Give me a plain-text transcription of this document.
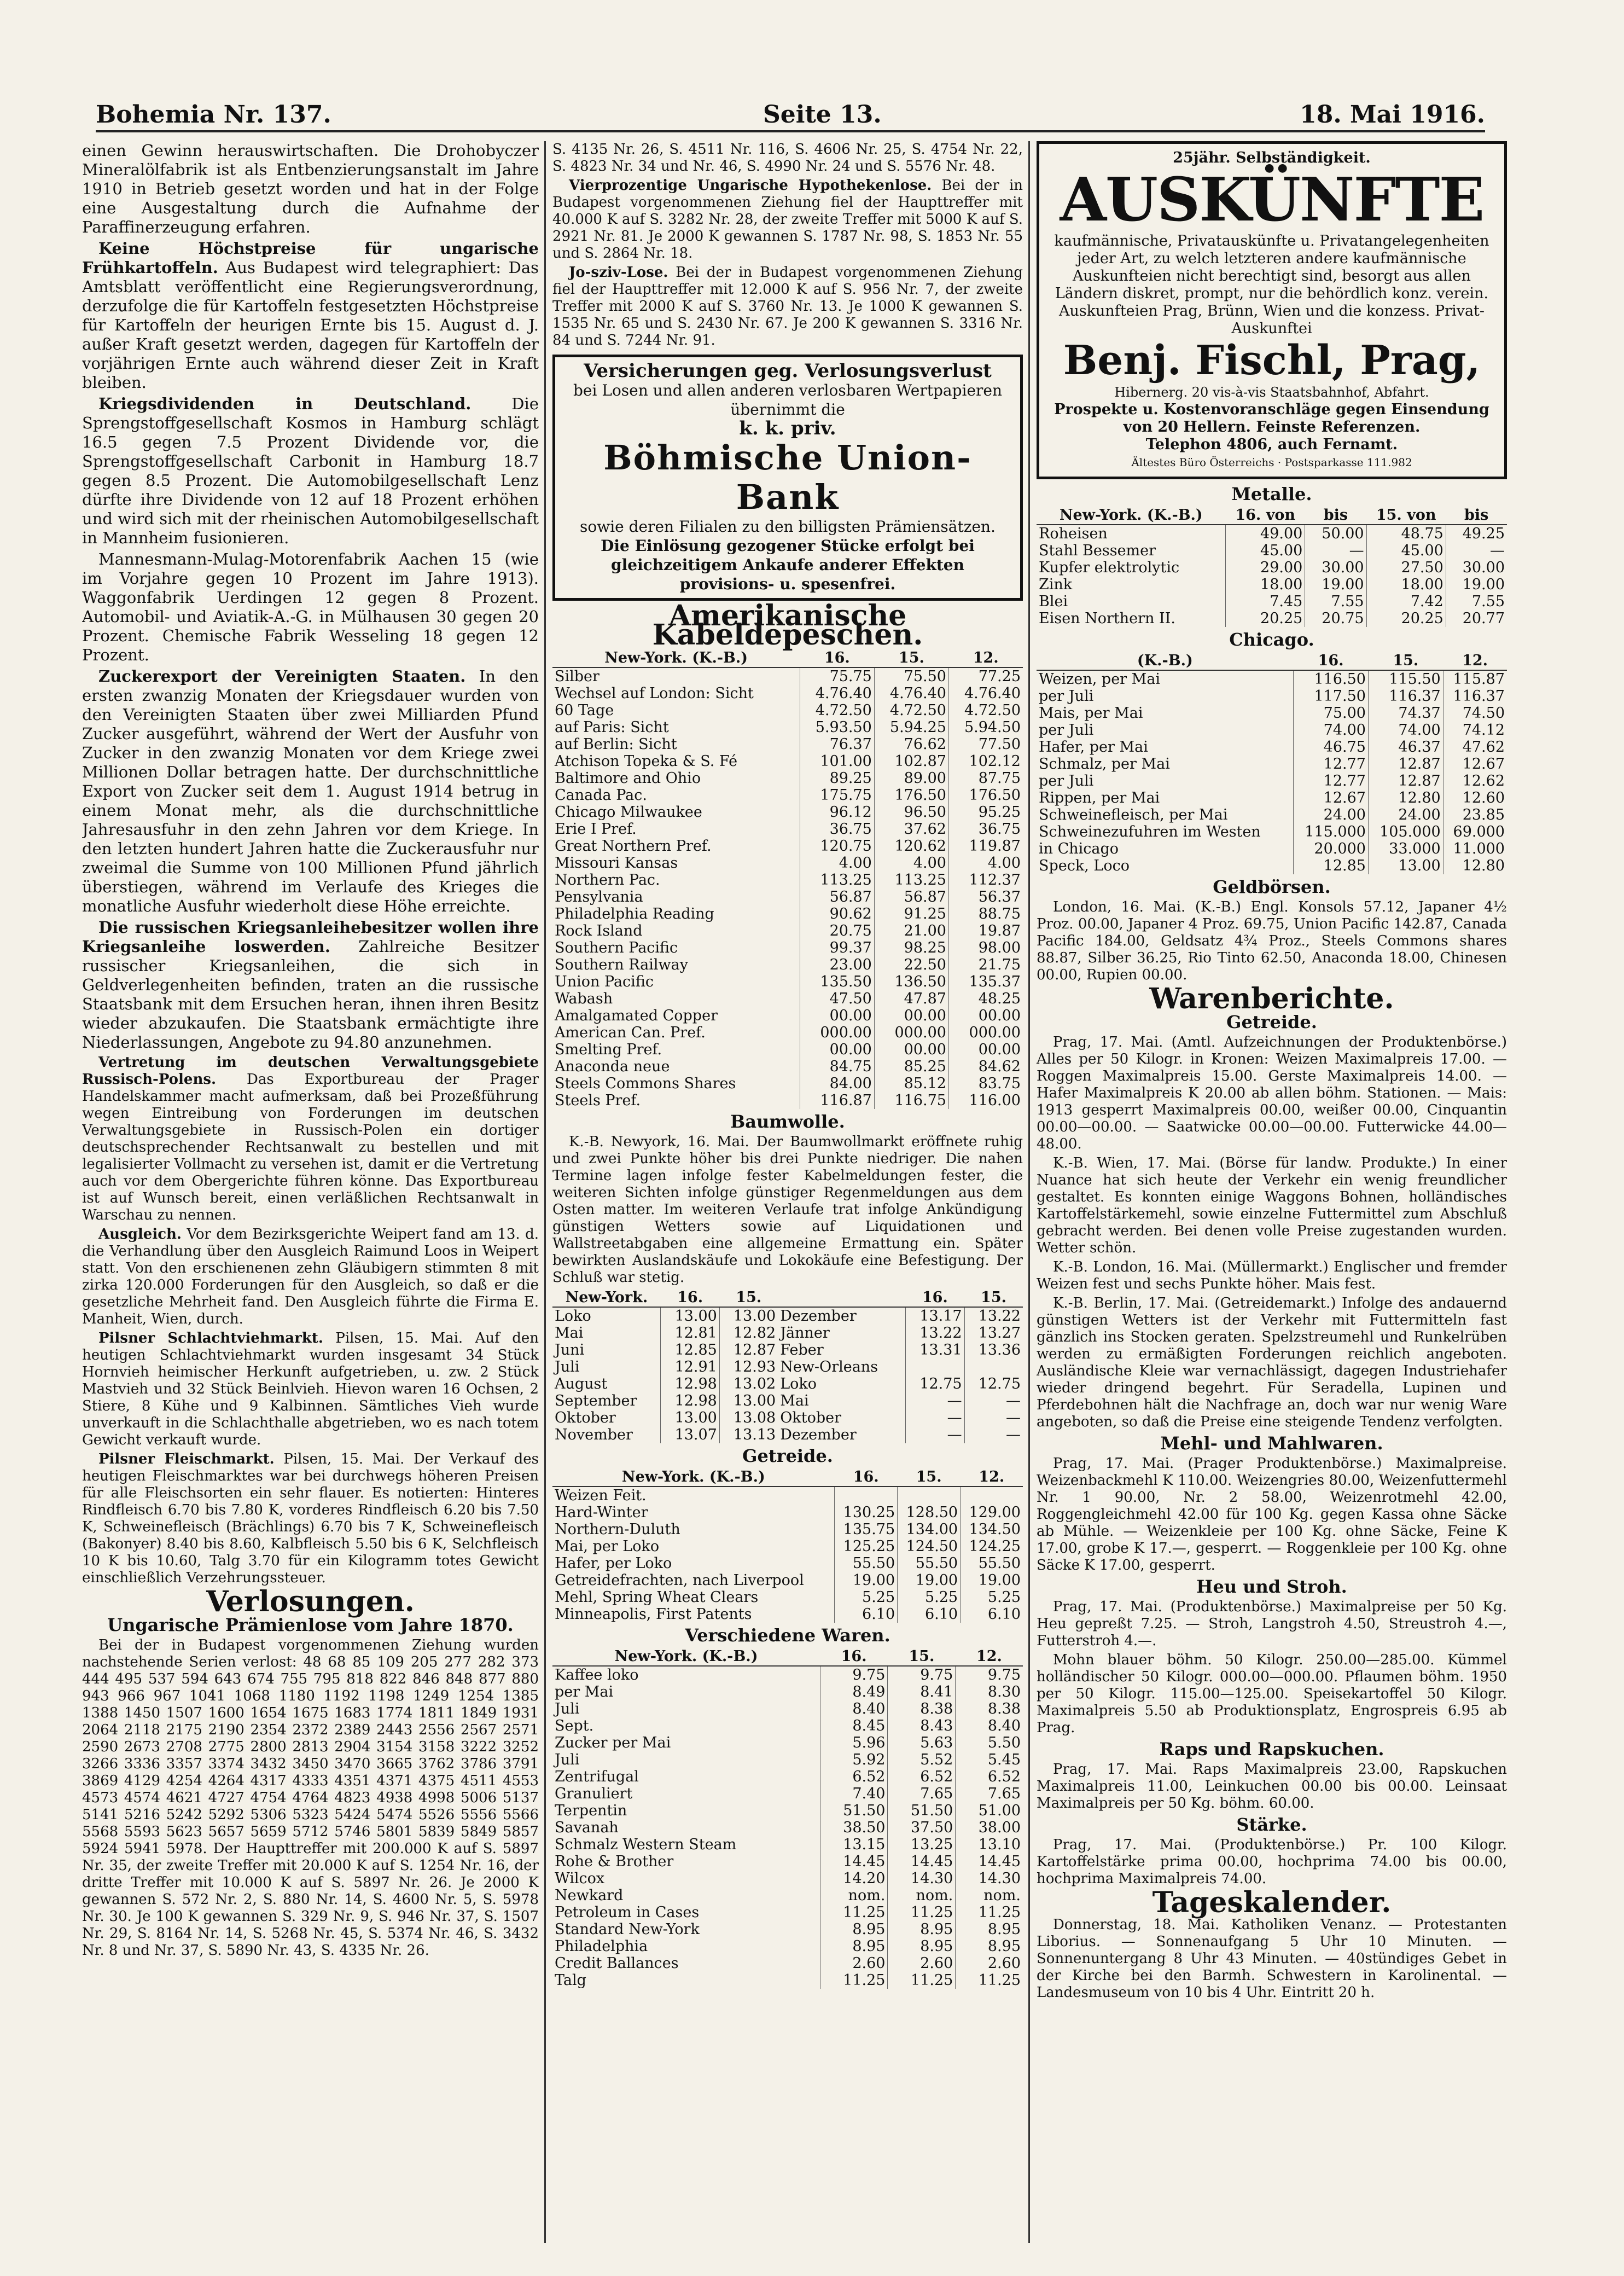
Bohemia Nr. 137.	Seite 13.	18. Mai 1916.

einen Gewinn herauswirtschaften. Die Drohobyczer Mineralölfabrik ist als Entbenzierungsanstalt im Jahre 1910 in Betrieb gesetzt worden und hat in der Folge eine Ausgestaltung durch die Aufnahme der Paraffinerzeugung erfahren.

Keine Höchstpreise für ungarische Frühkartoffeln. Aus Budapest wird telegraphiert: Das Amtsblatt veröffentlicht eine Regierungsverordnung, derzufolge die für Kartoffeln festgesetzten Höchstpreise für Kartoffeln der heurigen Ernte bis 15. August d. J. außer Kraft gesetzt werden, dagegen für Kartoffeln der vorjährigen Ernte auch während dieser Zeit in Kraft bleiben.

Kriegsdividenden in Deutschland.	Die Sprengstoffgesellschaft Kosmos in Hamburg schlägt 16.5 gegen 7.5 Prozent Dividende vor, die Sprengstoffgesellschaft Carbonit in Hamburg 18.7 gegen 8.5 Prozent. Die Automobilgesellschaft Lenz dürfte ihre Dividende von 12 auf 18 Prozent erhöhen und wird sich mit der rheinischen Automobilgesellschaft in Mannheim fusionieren.

Mannesmann-Mulag-Motorenfabrik Aachen 15 (wie im Vorjahre gegen 10 Prozent im Jahre 1913). Waggonfabrik Uerdingen 12 gegen 8 Prozent. Automobil- und Aviatik-A.-G. in Mülhausen 30 gegen 20 Prozent. Chemische Fabrik Wesseling 18 gegen 12 Prozent.

Zuckerexport der Vereinigten Staaten. In den ersten zwanzig Monaten der Kriegsdauer wurden von den Vereinigten Staaten über zwei Milliarden Pfund Zucker ausgeführt, während der Wert der Ausfuhr von Zucker in den zwanzig Monaten vor dem Kriege zwei Millionen Dollar betragen hatte. Der durchschnittliche Export von Zucker seit dem 1. August 1914 betrug in einem Monat mehr, als die durchschnittliche Jahresausfuhr in den zehn Jahren vor dem Kriege. In den letzten hundert Jahren hatte die Zuckerausfuhr nur zweimal die Summe von 100 Millionen Pfund jährlich überstiegen, während im Verlaufe des Krieges die monatliche Ausfuhr wiederholt diese Höhe erreichte.

Die russischen Kriegsanleihebesitzer wollen ihre Kriegsanleihe loswerden. Zahlreiche Besitzer russischer Kriegsanleihen, die sich in Geldverlegenheiten befinden, traten an die russische Staatsbank mit dem Ersuchen heran, ihnen ihren Besitz wieder abzukaufen. Die Staatsbank ermächtigte ihre Niederlassungen, Angebote zu 94.80 anzunehmen.

Vertretung im deutschen Verwaltungsgebiete Russisch-Polens. Das Exportbureau der Prager Handelskammer macht aufmerksam, daß bei Prozeßführung wegen Eintreibung von Forderungen im deutschen Verwaltungsgebiete in Russisch-Polen ein dortiger deutschsprechender Rechtsanwalt zu bestellen und mit legalisierter Vollmacht zu versehen ist, damit er die Vertretung auch vor dem Obergerichte führen könne. Das Exportbureau ist auf Wunsch bereit, einen verläßlichen Rechtsanwalt in Warschau zu nennen.

Ausgleich. Vor dem Bezirksgerichte Weipert fand am 13. d. die Verhandlung über den Ausgleich Raimund Loos in Weipert statt. Von den erschienenen zehn Gläubigern stimmten 8 mit zirka 120.000 Forderungen für den Ausgleich, so daß er die gesetzliche Mehrheit fand. Den Ausgleich führte die Firma E. Manheit, Wien, durch.

Pilsner Schlachtviehmarkt. Pilsen, 15. Mai. Auf den heutigen Schlachtviehmarkt wurden insgesamt 34 Stück Hornvieh heimischer Herkunft aufgetrieben, u. zw. 2 Stück Mastvieh und 32 Stück Beinlvieh. Hievon waren 16 Ochsen, 2 Stiere, 8 Kühe und 9 Kalbinnen. Sämtliches Vieh wurde unverkauft in die Schlachthalle abgetrieben, wo es nach totem Gewicht verkauft wurde.

Pilsner Fleischmarkt. Pilsen, 15. Mai. Der Verkauf des heutigen Fleischmarktes war bei durchwegs höheren Preisen für alle Fleischsorten ein sehr flauer. Es notierten: Hinteres Rindfleisch 6.70 bis 7.80 K, vorderes Rindfleisch 6.20 bis 7.50 K, Schweinefleisch (Brächlings) 6.70 bis 7 K, Schweinefleisch (Bakonyer) 8.40 bis 8.60, Kalbfleisch 5.50 bis 6 K, Selchfleisch 10 K bis 10.60, Talg 3.70 für ein Kilogramm totes Gewicht einschließlich Verzehrungssteuer.

Verlosungen.
Ungarische Prämienlose vom Jahre 1870.

Bei der in Budapest vorgenommenen Ziehung wurden nachstehende Serien verlost: 48 68 85 109 205 277 282 373 444 495 537 594 643 674 755 795 818 822 846 848 877 880 943 966 967 1041 1068 1180 1192 1198 1249 1254 1385 1388 1450 1507 1600 1654 1675 1683 1774 1811 1849 1931 2064 2118 2175 2190 2354 2372 2389 2443 2556 2567 2571 2590 2673 2708 2775 2800 2813 2904 3154 3158 3222 3252 3266 3336 3357 3374 3432 3450 3470 3665 3762 3786 3791 3869 4129 4254 4264 4317 4333 4351 4371 4375 4511 4553 4573 4574 4621 4727 4754 4764 4823 4938 4998 5006 5137 5141 5216 5242 5292 5306 5323 5424 5474 5526 5556 5566 5568 5593 5623 5657 5659 5712 5746 5801 5839 5849 5857 5924 5941 5978. Der Haupttreffer mit 200.000 K auf S. 5897 Nr. 35, der zweite Treffer mit 20.000 K auf S. 1254 Nr. 16, der dritte Treffer mit 10.000 K auf S. 5897 Nr. 26. Je 2000 K gewannen S. 572 Nr. 2, S. 880 Nr. 14, S. 4600 Nr. 5, S. 5978 Nr. 30. Je 100 K gewannen S. 329 Nr. 9, S. 946 Nr. 37, S. 1507 Nr. 29, S. 8164 Nr. 14, S. 5268 Nr. 45, S. 5374 Nr. 46, S. 3432 Nr. 8 und Nr. 37, S. 5890 Nr. 43, S. 4335 Nr. 26.

S. 4135 Nr. 26, S. 4511 Nr. 116, S. 4606 Nr. 25, S. 4754 Nr. 22, S. 4823 Nr. 34 und Nr. 46, S. 4990 Nr. 24 und S. 5576 Nr. 48.

Vierprozentige Ungarische Hypothekenlose. Bei der in Budapest vorgenommenen Ziehung fiel der Haupttreffer mit 40.000 K auf S. 3282 Nr. 28, der zweite Treffer mit 5000 K auf S. 2921 Nr. 81. Je 2000 K gewannen S. 1787 Nr. 98, S. 1853 Nr. 55 und S. 2864 Nr. 18.

Jo-sziv-Lose. Bei der in Budapest vorgenommenen Ziehung fiel der Haupttreffer mit 12.000 K auf S. 956 Nr. 7, der zweite Treffer mit 2000 K auf S. 3760 Nr. 13. Je 1000 K gewannen S. 1535 Nr. 65 und S. 2430 Nr. 67. Je 200 K gewannen S. 3316 Nr. 84 und S. 7244 Nr. 91.

Versicherungen geg. Verlosungsverlust
bei Losen und allen anderen verlosbaren Wertpapieren übernimmt die
k. k. priv.
Böhmische Union-Bank
sowie deren Filialen zu den billigsten Prämiensätzen.
Die Einlösung gezogener Stücke erfolgt bei gleichzeitigem Ankaufe anderer Effekten provisions- u. spesenfrei.
Amerikanische Kabeldepeschen.
New-York. (K.-B.)	16.	15.	12.
Silber	75.75	75.50	77.25
Wechsel auf London: Sicht	4.76.40	4.76.40	4.76.40
60 Tage	4.72.50	4.72.50	4.72.50
auf Paris: Sicht	5.93.50	5.94.25	5.94.50
auf Berlin: Sicht	76.37	76.62	77.50
Atchison Topeka & S. Fé	101.00	102.87	102.12
Baltimore and Ohio	89.25	89.00	87.75
Canada Pac.	175.75	176.50	176.50
Chicago Milwaukee	96.12	96.50	95.25
Erie I Pref.	36.75	37.62	36.75
Great Northern Pref.	120.75	120.62	119.87
Missouri Kansas	4.00	4.00	4.00
Northern Pac.	113.25	113.25	112.37
Pensylvania	56.87	56.87	56.37
Philadelphia Reading	90.62	91.25	88.75
Rock Island	20.75	21.00	19.87
Southern Pacific	99.37	98.25	98.00
Southern Railway	23.00	22.50	21.75
Union Pacific	135.50	136.50	135.37
Wabash	47.50	47.87	48.25
Amalgamated Copper	00.00	00.00	00.00
American Can. Pref.	000.00	000.00	000.00
Smelting Pref.	00.00	00.00	00.00
Anaconda neue	84.75	85.25	84.62
Steels Commons Shares	84.00	85.12	83.75
Steels Pref.	116.87	116.75	116.00
Baumwolle.

K.-B. Newyork, 16. Mai. Der Baumwollmarkt eröffnete ruhig und zwei Punkte höher bis drei Punkte niedriger. Die nahen Termine lagen infolge fester Kabelmeldungen fester, die weiteren Sichten infolge günstiger Regenmeldungen aus dem Osten matter. Im weiteren Verlaufe trat infolge Ankündigung günstigen Wetters sowie auf Liquidationen und Wallstreetabgaben eine allgemeine Ermattung ein. Später bewirkten Auslandskäufe und Lokokäufe eine Befestigung. Der Schluß war stetig.

New-York.	16.	15.		16.	15.
Loko	13.00	13.00	Dezember	13.17	13.22
Mai	12.81	12.82	Jänner	13.22	13.27
Juni	12.85	12.87	Feber	13.31	13.36
Juli	12.91	12.93	New-Orleans		
August	12.98	13.02	Loko	12.75	12.75
September	12.98	13.00	Mai	—	—
Oktober	13.00	13.08	Oktober	—	—
November	13.07	13.13	Dezember	—	—
Getreide.
New-York. (K.-B.)	16.	15.	12.
Weizen Feit.			
Hard-Winter	130.25	128.50	129.00
Northern-Duluth	135.75	134.00	134.50
Mai, per Loko	125.25	124.50	124.25
Hafer, per Loko	55.50	55.50	55.50
Getreidefrachten, nach Liverpool	19.00	19.00	19.00
Mehl, Spring Wheat Clears	5.25	5.25	5.25
Minneapolis, First Patents	6.10	6.10	6.10
Verschiedene Waren.
New-York. (K.-B.)	16.	15.	12.
Kaffee loko	9.75	9.75	9.75
per Mai	8.49	8.41	8.30
Juli	8.40	8.38	8.38
Sept.	8.45	8.43	8.40
Zucker per Mai	5.96	5.63	5.50
Juli	5.92	5.52	5.45
Zentrifugal	6.52	6.52	6.52
Granuliert	7.40	7.65	7.65
Terpentin	51.50	51.50	51.00
Savanah	38.50	37.50	38.00
Schmalz Western Steam	13.15	13.25	13.10
Rohe & Brother	14.45	14.45	14.45
Wilcox	14.20	14.30	14.30
Newkard	nom.	nom.	nom.
Petroleum in Cases	11.25	11.25	11.25
Standard New-York	8.95	8.95	8.95
Philadelphia	8.95	8.95	8.95
Credit Ballances	2.60	2.60	2.60
Talg	11.25	11.25	11.25
25jähr. Selbständigkeit.
AUSKÜNFTE
kaufmännische, Privatauskünfte u. Privatangelegenheiten jeder Art, zu welch letzteren andere kaufmännische Auskunfteien nicht berechtigt sind, besorgt aus allen Ländern diskret, prompt, nur die behördlich konz. verein. Auskunfteien Prag, Brünn, Wien und die konzess. Privat-Auskunftei
Benj. Fischl, Prag,
Hibernerg. 20 vis-à-vis Staatsbahnhof, Abfahrt.
Prospekte u. Kostenvoranschläge gegen Einsendung von 20 Hellern. Feinste Referenzen.
Telephon 4806, auch Fernamt.
Ältestes Büro Österreichs · Postsparkasse 111.982
Metalle.
New-York. (K.-B.)	16. von	bis	15. von	bis
Roheisen	49.00	50.00	48.75	49.25
Stahl Bessemer	45.00	—	45.00	—
Kupfer elektrolytic	29.00	30.00	27.50	30.00
Zink	18.00	19.00	18.00	19.00
Blei	7.45	7.55	7.42	7.55
Eisen Northern II.	20.25	20.75	20.25	20.77
Chicago.
(K.-B.)	16.	15.	12.
Weizen, per Mai	116.50	115.50	115.87
per Juli	117.50	116.37	116.37
Mais, per Mai	75.00	74.37	74.50
per Juli	74.00	74.00	74.12
Hafer, per Mai	46.75	46.37	47.62
Schmalz, per Mai	12.77	12.87	12.67
per Juli	12.77	12.87	12.62
Rippen, per Mai	12.67	12.80	12.60
Schweinefleisch, per Mai	24.00	24.00	23.85
Schweinezufuhren im Westen	115.000	105.000	69.000
in Chicago	20.000	33.000	11.000
Speck, Loco	12.85	13.00	12.80
Geldbörsen.

London, 16. Mai. (K.-B.) Engl. Konsols 57.12, Japaner 4½ Proz. 00.00, Japaner 4 Proz. 69.75, Union Pacific 142.87, Canada Pacific 184.00, Geldsatz 4¾ Proz., Steels Commons shares 88.87, Silber 36.25, Rio Tinto 62.50, Anaconda 18.00, Chinesen 00.00, Rupien 00.00.

Warenberichte.
Getreide.

Prag, 17. Mai. (Amtl. Aufzeichnungen der Produktenbörse.) Alles per 50 Kilogr. in Kronen: Weizen Maximalpreis 17.00. — Roggen Maximalpreis 15.00. Gerste Maximalpreis 14.00. — Hafer Maximalpreis K 20.00 ab allen böhm. Stationen. — Mais: 1913 gesperrt Maximalpreis 00.00, weißer 00.00, Cinquantin 00.00—00.00. — Saatwicke 00.00—00.00. Futterwicke 44.00—48.00.

K.-B. Wien, 17. Mai. (Börse für landw. Produkte.) In einer Nuance hat sich heute der Verkehr ein wenig freundlicher gestaltet. Es konnten einige Waggons Bohnen, holländisches Kartoffelstärkemehl, sowie einzelne Futtermittel zum Abschluß gebracht werden. Bei denen volle Preise zugestanden wurden. Wetter schön.

K.-B. London, 16. Mai. (Müllermarkt.) Englischer und fremder Weizen fest und sechs Punkte höher. Mais fest.

K.-B. Berlin, 17. Mai. (Getreidemarkt.) Infolge des andauernd günstigen Wetters ist der Verkehr mit Futtermitteln fast gänzlich ins Stocken geraten. Spelzstreumehl und Runkelrüben werden zu ermäßigten Forderungen reichlich angeboten. Ausländische Kleie war vernachlässigt, dagegen Industriehafer wieder dringend begehrt. Für Seradella, Lupinen und Pferdebohnen hält die Nachfrage an, doch war nur wenig Ware angeboten, so daß die Preise eine steigende Tendenz verfolgten.

Mehl- und Mahlwaren.

Prag, 17. Mai. (Prager Produktenbörse.) Maximalpreise. Weizenbackmehl K 110.00. Weizengries 80.00, Weizenfuttermehl Nr. 1 90.00, Nr. 2 58.00, Weizenrotmehl 42.00, Roggengleichmehl 42.00 für 100 Kg. gegen Kassa ohne Säcke ab Mühle. — Weizenkleie per 100 Kg. ohne Säcke, Feine K 17.00, grobe K 17.—, gesperrt. — Roggenkleie per 100 Kg. ohne Säcke K 17.00, gesperrt.

Heu und Stroh.

Prag, 17. Mai. (Produktenbörse.) Maximalpreise per 50 Kg. Heu gepreßt 7.25. — Stroh, Langstroh 4.50, Streustroh 4.—, Futterstroh 4.—.

Mohn blauer böhm. 50 Kilogr. 250.00—285.00. Kümmel holländischer 50 Kilogr. 000.00—000.00. Pflaumen böhm. 1950 per 50 Kilogr. 115.00—125.00. Speisekartoffel 50 Kilogr. Maximalpreis 5.50 ab Produktionsplatz, Engrospreis 6.95 ab Prag.

Raps und Rapskuchen.

Prag, 17. Mai. Raps Maximalpreis 23.00, Rapskuchen Maximalpreis 11.00, Leinkuchen 00.00 bis 00.00. Leinsaat Maximalpreis per 50 Kg. böhm. 60.00.

Stärke.

Prag, 17. Mai. (Produktenbörse.) Pr. 100 Kilogr. Kartoffelstärke prima 00.00, hochprima 74.00 bis 00.00, hochprima Maximalpreis 74.00.

Tageskalender.

Donnerstag, 18. Mai. Katholiken Venanz. — Protestanten Liborius. — Sonnenaufgang 5 Uhr 10 Minuten. — Sonnenuntergang 8 Uhr 43 Minuten. — 40stündiges Gebet in der Kirche bei den Barmh. Schwestern in Karolinental. — Landesmuseum von 10 bis 4 Uhr. Eintritt 20 h.
